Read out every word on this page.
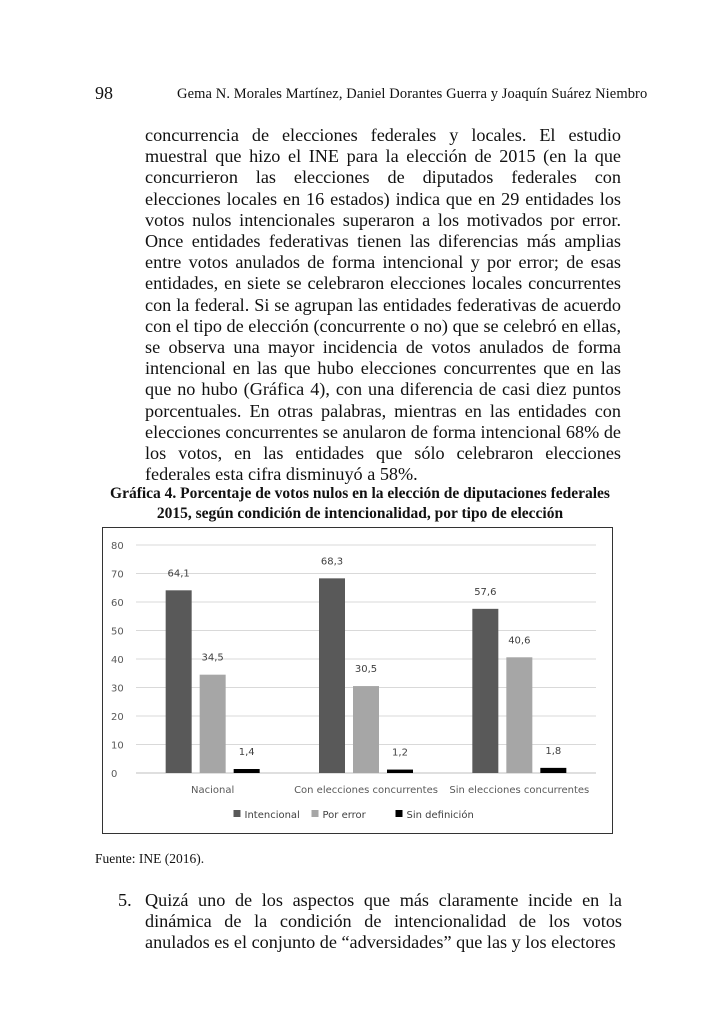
98	Gema N. Morales Martínez, Daniel Dorantes Guerra y Joaquín Suárez Niembro

concurrencia de elecciones federales y locales. El estudio muestral que hizo el INE para la elección de 2015 (en la que concurrieron las elecciones de diputados federales con elecciones locales en 16 estados) indica que en 29 entidades los votos nulos intencionales superaron a los motivados por error. Once entidades federativas tienen las diferencias más amplias entre votos anulados de forma intencional y por error; de esas entidades, en siete se celebraron elecciones locales concurrentes con la federal. Si se agrupan las entidades federativas de acuerdo con el tipo de elección (concurrente o no) que se celebró en ellas, se observa una mayor incidencia de votos anulados de forma intencional en las que hubo elecciones concurrentes que en las que no hubo (Gráfica 4), con una diferencia de casi diez puntos porcentuales. En otras palabras, mientras en las entidades con elecciones concurrentes se anularon de forma intencional 68% de los votos, en las entidades que sólo celebraron elecciones federales esta cifra disminuyó a 58%.

Gráfica 4. Porcentaje de votos nulos en la elección de diputaciones federales
2015, según condición de intencionalidad, por tipo de elección
0
10
20
30
40
50
60
70
80
64,1
34,5
1,4
Nacional
68,3
30,5
1,2
Con elecciones concurrentes
57,6
40,6
1,8
Sin elecciones concurrentes
Intencional Por error	Sin definición
Fuente: INE (2016).
5. Quizá uno de los aspectos que más claramente incide en la dinámica de la condición de intencionalidad de los votos anulados es el conjunto de “adversidades” que las y los electores
